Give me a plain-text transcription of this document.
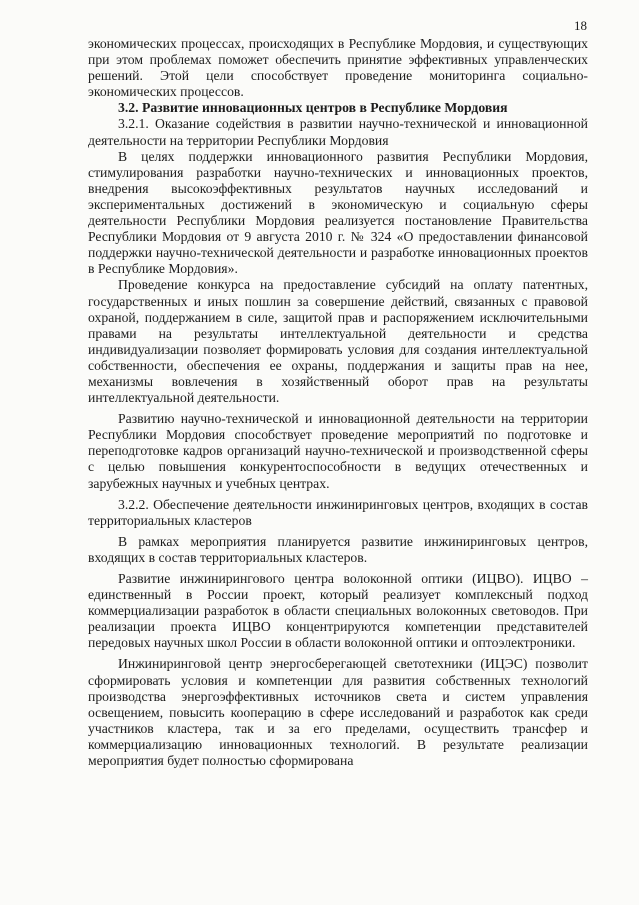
18

экономических процессах, происходящих в Республике Мордовия, и существующих при этом проблемах поможет обеспечить принятие эффективных управленческих решений. Этой цели способствует проведение мониторинга социально-экономических процессов.

3.2. Развитие инновационных центров в Республике Мордовия

3.2.1. Оказание содействия в развитии научно-технической и инновационной деятельности на территории Республики Мордовия

В целях поддержки инновационного развития Республики Мордовия, стимулирования разработки научно-технических и инновационных проектов, внедрения высокоэффективных результатов научных исследований и экспериментальных достижений в экономическую и социальную сферы деятельности Республики Мордовия реализуется постановление Правительства Республики Мордовия от 9 августа 2010 г. № 324 «О предоставлении финансовой поддержки научно-технической деятельности и разработке инновационных проектов в Республике Мордовия».

Проведение конкурса на предоставление субсидий на оплату патентных, государственных и иных пошлин за совершение действий, связанных с правовой охраной, поддержанием в силе, защитой прав и распоряжением исключительными правами на результаты интеллектуальной деятельности и средства индивидуализации позволяет формировать условия для создания интеллектуальной собственности, обеспечения ее охраны, поддержания и защиты прав на нее, механизмы вовлечения в хозяйственный оборот прав на результаты интеллектуальной деятельности.

Развитию научно-технической и инновационной деятельности на территории Республики Мордовия способствует проведение мероприятий по подготовке и переподготовке кадров организаций научно-технической и производственной сферы с целью повышения конкурентоспособности в ведущих отечественных и зарубежных научных и учебных центрах.

3.2.2. Обеспечение деятельности инжиниринговых центров, входящих в состав территориальных кластеров

В рамках мероприятия планируется развитие инжиниринговых центров, входящих в состав территориальных кластеров.

Развитие инжинирингового центра волоконной оптики (ИЦВО). ИЦВО – единственный в России проект, который реализует комплексный подход коммерциализации разработок в области специальных волоконных световодов. При реализации проекта ИЦВО концентрируются компетенции представителей передовых научных школ России в области волоконной оптики и оптоэлектроники.

Инжиниринговой центр энергосберегающей светотехники (ИЦЭС) позволит сформировать условия и компетенции для развития собственных технологий производства энергоэффективных источников света и систем управления освещением, повысить кооперацию в сфере исследований и разработок как среди участников кластера, так и за его пределами, осуществить трансфер и коммерциализацию инновационных технологий. В результате реализации мероприятия будет полностью сформирована
